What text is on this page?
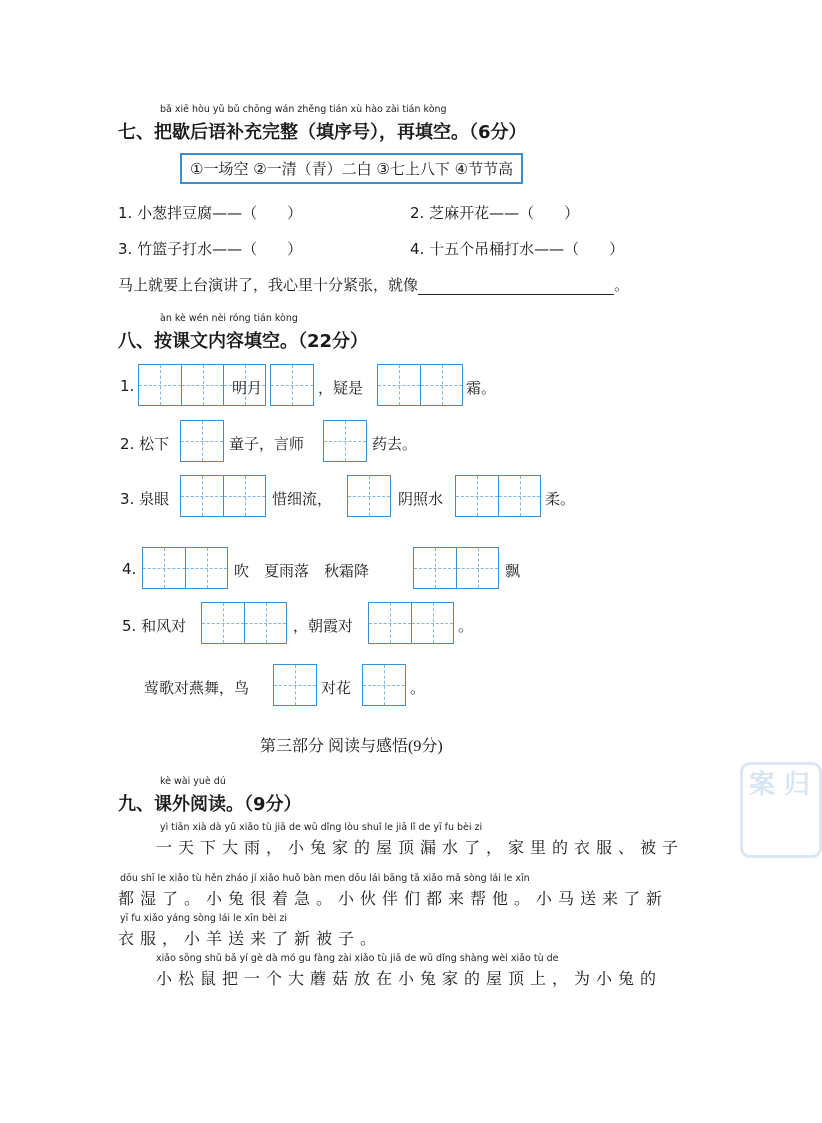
bǎ xiē hòu yǔ bǔ chōng wán zhěng tián xù hào zài tián kòng
七、把歇后语补充完整（填序号），再填空。（6分）
①一场空 ②一清（青）二白 ③七上八下 ④节节高
1. 小葱拌豆腐——（　　）	2. 芝麻开花——（　　）
3. 竹篮子打水——（　　）	4. 十五个吊桶打水——（　　）
马上就要上台演讲了，我心里十分紧张，就像	。
àn kè wén nèi róng tián kòng
八、按课文内容填空。（22分）
1.	明月	，疑是	霜。
2. 松下	童子，言师	药去。
3. 泉眼	惜细流，	阴照水	柔。
4.	吹　夏雨落　秋霜降	飘
5. 和风对	，朝霞对	。
莺歌对燕舞，鸟	对花	。
第三部分 阅读与感悟(9分)
kè wài yuè dú
九、课外阅读。（9分）
yì tiān xià dà yǔ xiǎo tù jiā de wū dǐng lòu shuǐ le jiā lǐ de yī fu bèi zi
一天下大雨，小兔家的屋顶漏水了，家里的衣服、被子
dōu shī le xiǎo tù hěn zháo jí xiǎo huǒ bàn men dōu lái bāng tā xiǎo mǎ sòng lái le xīn
都湿了。小兔很着急。小伙伴们都来帮他。小马送来了新
yī fu xiǎo yáng sòng lái le xīn bèi zi
衣服，小羊送来了新被子。
xiǎo sōng shǔ bǎ yí gè dà mó gu fàng zài xiǎo tù jiā de wū dǐng shàng wèi xiǎo tù de
小松鼠把一个大蘑菇放在小兔家的屋顶上，为小兔的
案 归
